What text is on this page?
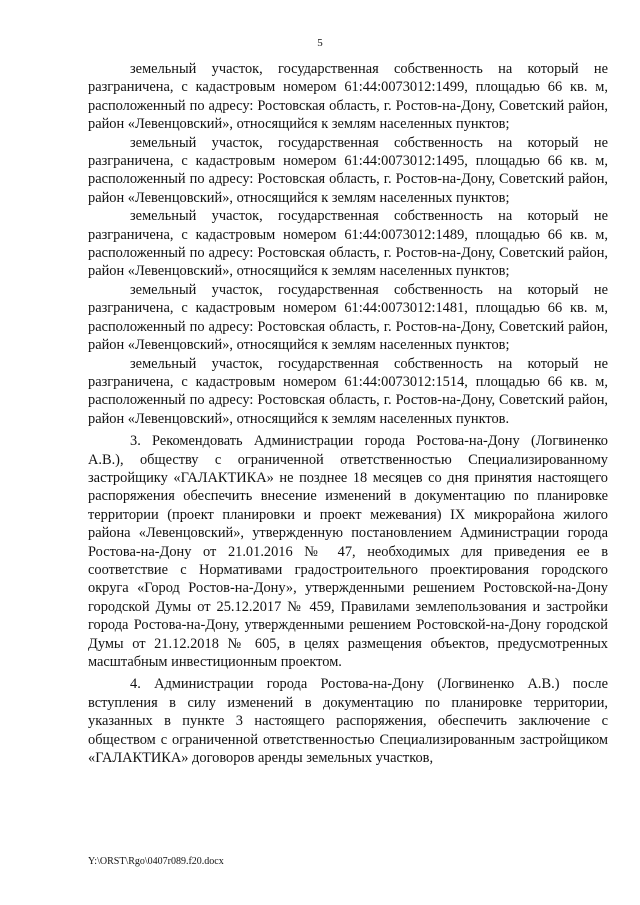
5

земельный участок, государственная собственность на который не разграничена, с кадастровым номером 61:44:0073012:1499, площадью 66 кв. м, расположенный по адресу: Ростовская область, г. Ростов-на-Дону, Советский район, район «Левенцовский», относящийся к землям населенных пунктов;

земельный участок, государственная собственность на который не разграничена, с кадастровым номером 61:44:0073012:1495, площадью 66 кв. м, расположенный по адресу: Ростовская область, г. Ростов-на-Дону, Советский район, район «Левенцовский», относящийся к землям населенных пунктов;

земельный участок, государственная собственность на который не разграничена, с кадастровым номером 61:44:0073012:1489, площадью 66 кв. м, расположенный по адресу: Ростовская область, г. Ростов-на-Дону, Советский район, район «Левенцовский», относящийся к землям населенных пунктов;

земельный участок, государственная собственность на который не разграничена, с кадастровым номером 61:44:0073012:1481, площадью 66 кв. м, расположенный по адресу: Ростовская область, г. Ростов-на-Дону, Советский район, район «Левенцовский», относящийся к землям населенных пунктов;

земельный участок, государственная собственность на который не разграничена, с кадастровым номером 61:44:0073012:1514, площадью 66 кв. м, расположенный по адресу: Ростовская область, г. Ростов-на-Дону, Советский район, район «Левенцовский», относящийся к землям населенных пунктов.

3. Рекомендовать Администрации города Ростова-на-Дону (Логвиненко А.В.), обществу с ограниченной ответственностью Специализированному застройщику «ГАЛАКТИКА» не позднее 18 месяцев со дня принятия настоящего распоряжения обеспечить внесение изменений в документацию по планировке территории (проект планировки и проект межевания) IX микрорайона жилого района «Левенцовский», утвержденную постановлением Администрации города Ростова-на-Дону от 21.01.2016 № 47, необходимых для приведения ее в соответствие с Нормативами градостроительного проектирования городского округа «Город Ростов-на-Дону», утвержденными решением Ростовской-на-Дону городской Думы от 25.12.2017 № 459, Правилами землепользования и застройки города Ростова-на-Дону, утвержденными решением Ростовской-на-Дону городской Думы от 21.12.2018 № 605, в целях размещения объектов, предусмотренных масштабным инвестиционным проектом.

4. Администрации города Ростова-на-Дону (Логвиненко А.В.) после вступления в силу изменений в документацию по планировке территории, указанных в пункте 3 настоящего распоряжения, обеспечить заключение с обществом с ограниченной ответственностью Специализированным застройщиком «ГАЛАКТИКА» договоров аренды земельных участков,

Y:\ORST\Rgo\0407r089.f20.docx
